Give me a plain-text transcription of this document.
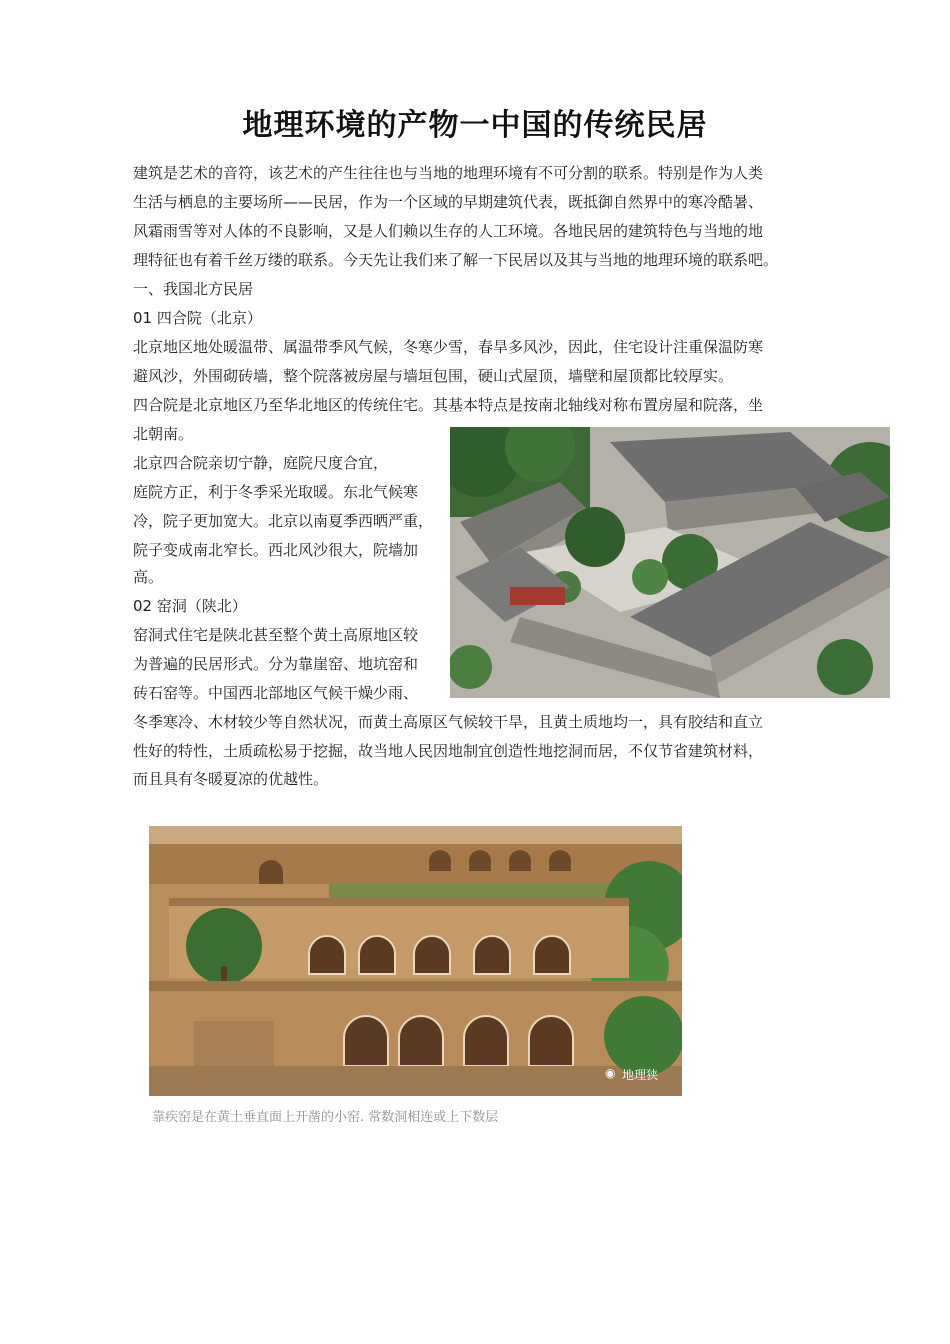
地理环境的产物一中国的传统民居
建筑是艺术的音符，该艺术的产生往往也与当地的地理环境有不可分割的联系。特别是作为人类
生活与栖息的主要场所——民居，作为一个区域的早期建筑代表，既抵御自然界中的寒冷酷暑、
风霜雨雪等对人体的不良影响，又是人们赖以生存的人工环境。各地民居的建筑特色与当地的地
理特征也有着千丝万缕的联系。今天先让我们来了解一下民居以及其与当地的地理环境的联系吧。
一、我国北方民居
01 四合院（北京）
北京地区地处暖温带、属温带季风气候，冬寒少雪，春旱多风沙，因此，住宅设计注重保温防寒
避风沙，外围砌砖墙，整个院落被房屋与墙垣包围，硬山式屋顶，墙壁和屋顶都比较厚实。
四合院是北京地区乃至华北地区的传统住宅。其基本特点是按南北轴线对称布置房屋和院落，坐
北朝南。
北京四合院亲切宁静，庭院尺度合宜，
庭院方正，利于冬季采光取暖。东北气候寒
冷，院子更加宽大。北京以南夏季西晒严重，
院子变成南北窄长。西北风沙很大，院墙加
高。
02 窑洞（陕北）
窑洞式住宅是陕北甚至整个黄土高原地区较
为普遍的民居形式。分为靠崖窑、地坑窑和
砖石窑等。中国西北部地区气候干燥少雨、
冬季寒冷、木材较少等自然状况，而黄土高原区气候较干旱，且黄土质地均一，具有胶结和直立
性好的特性，土质疏松易于挖掘，故当地人民因地制宜创造性地挖洞而居，不仅节省建筑材料，
而且具有冬暖夏凉的优越性。
◉ 地理狭
靠疾窑是在黄土垂直面上开凿的小窑. 常数洞相连或上下数层
